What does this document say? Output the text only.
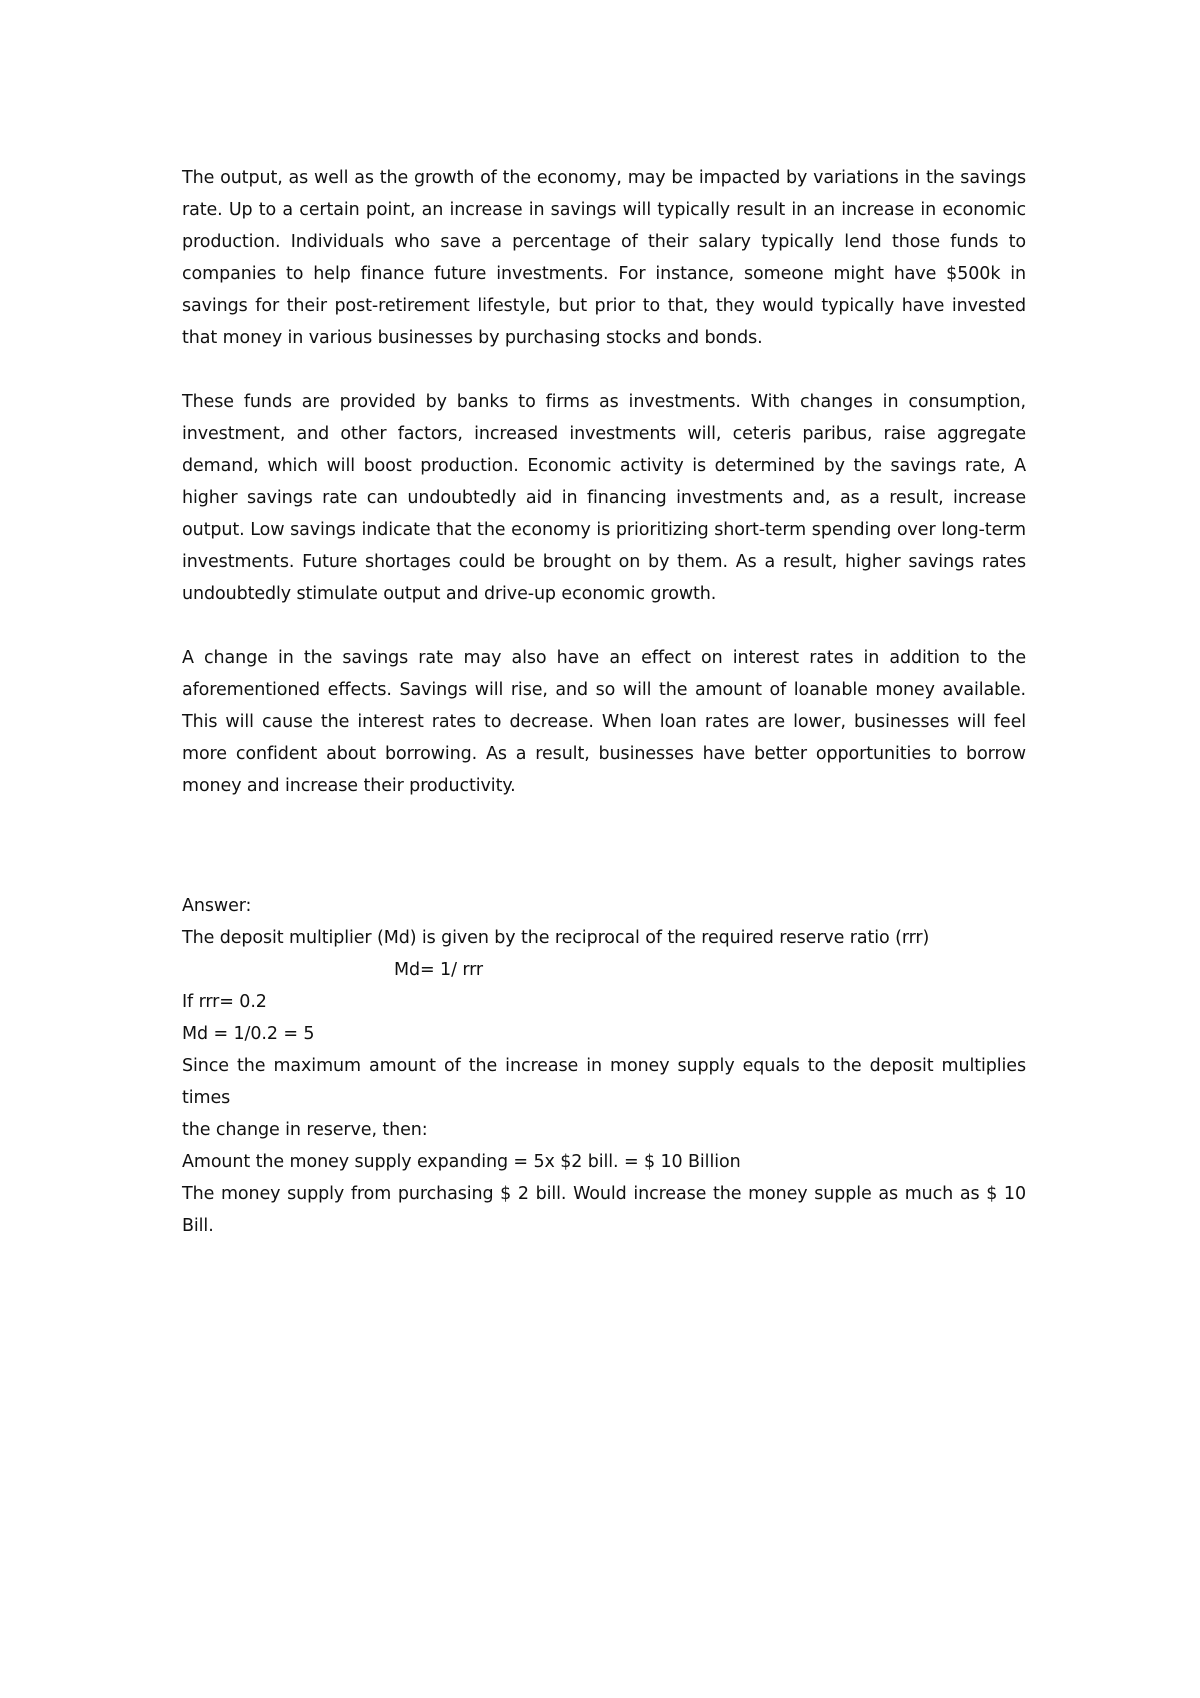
The output, as well as the growth of the economy, may be impacted by variations in the savings rate. Up to a certain point, an increase in savings will typically result in an increase in economic production. Individuals who save a percentage of their salary typically lend those funds to companies to help finance future investments. For instance, someone might have $500k in savings for their post-retirement lifestyle, but prior to that, they would typically have invested that money in various businesses by purchasing stocks and bonds.

These funds are provided by banks to firms as investments. With changes in consumption, investment, and other factors, increased investments will, ceteris paribus, raise aggregate demand, which will boost production. Economic activity is determined by the savings rate, A higher savings rate can undoubtedly aid in financing investments and, as a result, increase output. Low savings indicate that the economy is prioritizing short-term spending over long-term investments. Future shortages could be brought on by them. As a result, higher savings rates undoubtedly stimulate output and drive-up economic growth.

A change in the savings rate may also have an effect on interest rates in addition to the aforementioned effects. Savings will rise, and so will the amount of loanable money available. This will cause the interest rates to decrease. When loan rates are lower, businesses will feel more confident about borrowing. As a result, businesses have better opportunities to borrow money and increase their productivity.

Answer:

The deposit multiplier (Md) is given by the reciprocal of the required reserve ratio (rrr)

Md= 1/ rrr

If rrr= 0.2

Md = 1/0.2 = 5

Since the maximum amount of the increase in money supply equals to the deposit multiplies times

the change in reserve, then:

Amount the money supply expanding = 5x $2 bill. = $ 10 Billion

The money supply from purchasing $ 2 bill. Would increase the money supple as much as $ 10 Bill.
